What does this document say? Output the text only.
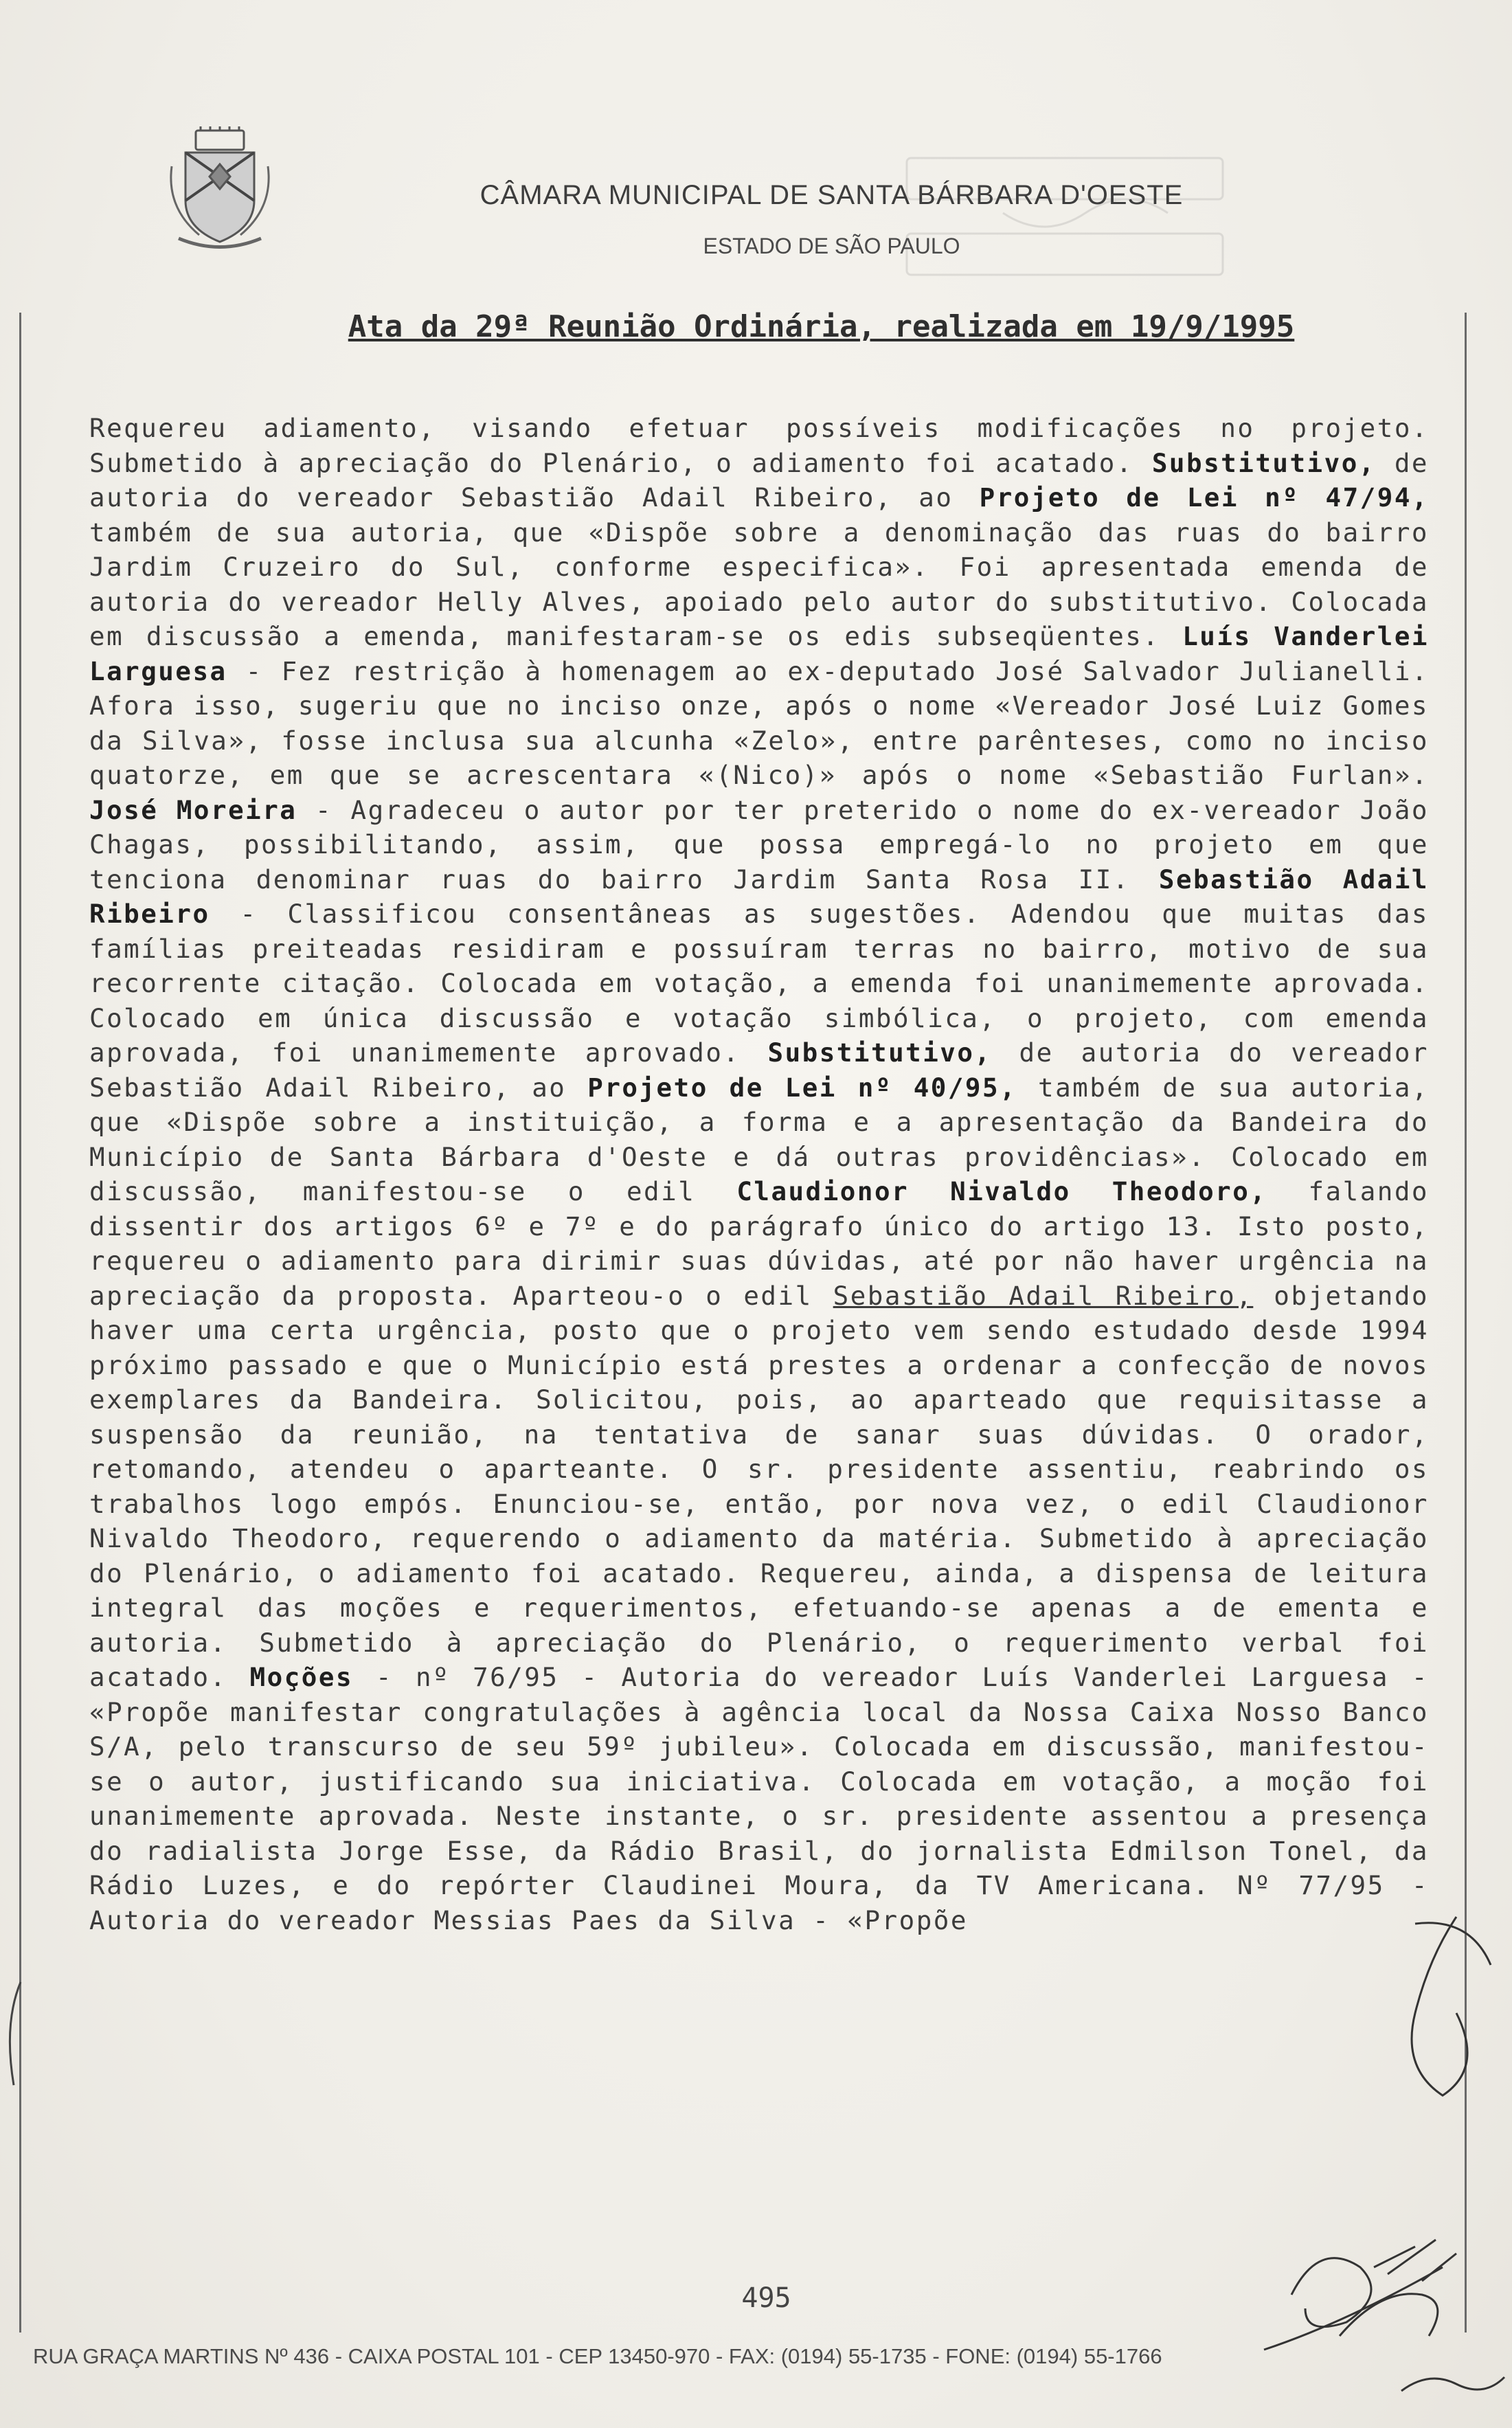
CÂMARA MUNICIPAL DE SANTA BÁRBARA D'OESTE
ESTADO DE SÃO PAULO
Ata da 29ª Reunião Ordinária, realizada em 19/9/1995
Requereu adiamento, visando efetuar possíveis modificações no projeto. Submetido à apreciação do Plenário, o adiamento foi acatado. Substitutivo, de autoria do vereador Sebastião Adail Ribeiro, ao Projeto de Lei nº 47/94, também de sua autoria, que «Dispõe sobre a denominação das ruas do bairro Jardim Cruzeiro do Sul, conforme especifica». Foi apresentada emenda de autoria do vereador Helly Alves, apoiado pelo autor do substitutivo. Colocada em discussão a emenda, manifestaram-se os edis subseqüentes. Luís Vanderlei Larguesa - Fez restrição à homenagem ao ex-deputado José Salvador Julianelli. Afora isso, sugeriu que no inciso onze, após o nome «Vereador José Luiz Gomes da Silva», fosse inclusa sua alcunha «Zelo», entre parênteses, como no inciso quatorze, em que se acrescentara «(Nico)» após o nome «Sebastião Furlan». José Moreira - Agradeceu o autor por ter preterido o nome do ex-vereador João Chagas, possibilitando, assim, que possa empregá-lo no projeto em que tenciona denominar ruas do bairro Jardim Santa Rosa II. Sebastião Adail Ribeiro - Classificou consentâneas as sugestões. Adendou que muitas das famílias preiteadas residiram e possuíram terras no bairro, motivo de sua recorrente citação. Colocada em votação, a emenda foi unanimemente aprovada. Colocado em única discussão e votação simbólica, o projeto, com emenda aprovada, foi unanimemente aprovado. Substitutivo, de autoria do vereador Sebastião Adail Ribeiro, ao Projeto de Lei nº 40/95, também de sua autoria, que «Dispõe sobre a instituição, a forma e a apresentação da Bandeira do Município de Santa Bárbara d'Oeste e dá outras providências». Colocado em discussão, manifestou-se o edil Claudionor Nivaldo Theodoro, falando dissentir dos artigos 6º e 7º e do parágrafo único do artigo 13. Isto posto, requereu o adiamento para dirimir suas dúvidas, até por não haver urgência na apreciação da proposta. Aparteou-o o edil Sebastião Adail Ribeiro, objetando haver uma certa urgência, posto que o projeto vem sendo estudado desde 1994 próximo passado e que o Município está prestes a ordenar a confecção de novos exemplares da Bandeira. Solicitou, pois, ao aparteado que requisitasse a suspensão da reunião, na tentativa de sanar suas dúvidas. O orador, retomando, atendeu o aparteante. O sr. presidente assentiu, reabrindo os trabalhos logo empós. Enunciou-se, então, por nova vez, o edil Claudionor Nivaldo Theodoro, requerendo o adiamento da matéria. Submetido à apreciação do Plenário, o adiamento foi acatado. Requereu, ainda, a dispensa de leitura integral das moções e requerimentos, efetuando-se apenas a de ementa e autoria. Submetido à apreciação do Plenário, o requerimento verbal foi acatado. Moções - nº 76/95 - Autoria do vereador Luís Vanderlei Larguesa - «Propõe manifestar congratulações à agência local da Nossa Caixa Nosso Banco S/A, pelo transcurso de seu 59º jubileu». Colocada em discussão, manifestou-se o autor, justificando sua iniciativa. Colocada em votação, a moção foi unanimemente aprovada. Neste instante, o sr. presidente assentou a presença do radialista Jorge Esse, da Rádio Brasil, do jornalista Edmilson Tonel, da Rádio Luzes, e do repórter Claudinei Moura, da TV Americana. Nº 77/95 - Autoria do vereador Messias Paes da Silva - «Propõe
495
RUA GRAÇA MARTINS Nº 436 - CAIXA POSTAL 101 - CEP 13450-970 - FAX: (0194) 55-1735 - FONE: (0194) 55-1766
